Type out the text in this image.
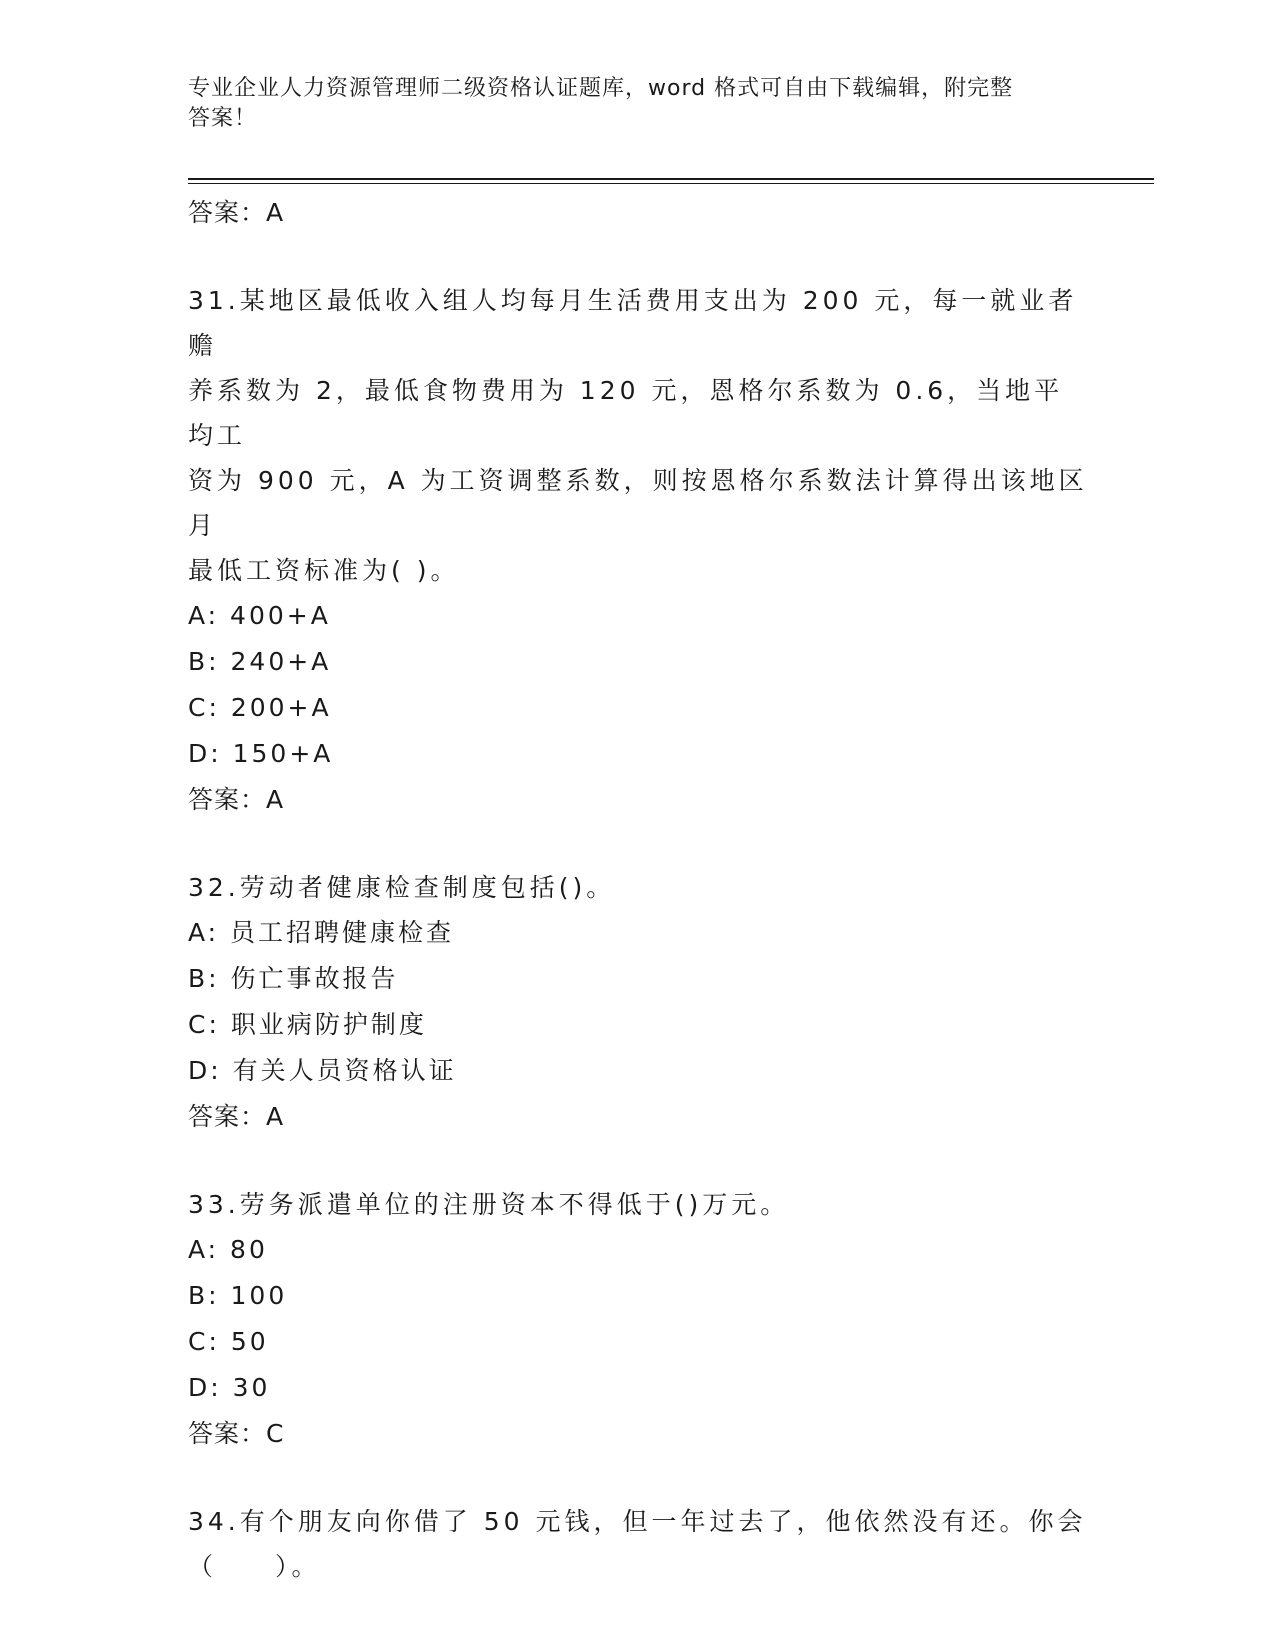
专业企业人力资源管理师二级资格认证题库，word 格式可自由下载编辑，附完整
答案！
答案：A
31.某地区最低收入组人均每月生活费用支出为 200 元，每一就业者赡
养系数为 2，最低食物费用为 120 元，恩格尔系数为 0.6，当地平均工
资为 900 元，A 为工资调整系数，则按恩格尔系数法计算得出该地区月
最低工资标准为( )。
A: 400+A
B: 240+A
C: 200+A
D: 150+A
答案：A
32.劳动者健康检查制度包括()。
A: 员工招聘健康检查
B: 伤亡事故报告
C: 职业病防护制度
D: 有关人员资格认证
答案：A
33.劳务派遣单位的注册资本不得低于()万元。
A: 80
B: 100
C: 50
D: 30
答案：C
34.有个朋友向你借了 50 元钱，但一年过去了，他依然没有还。你会
（　　）。
